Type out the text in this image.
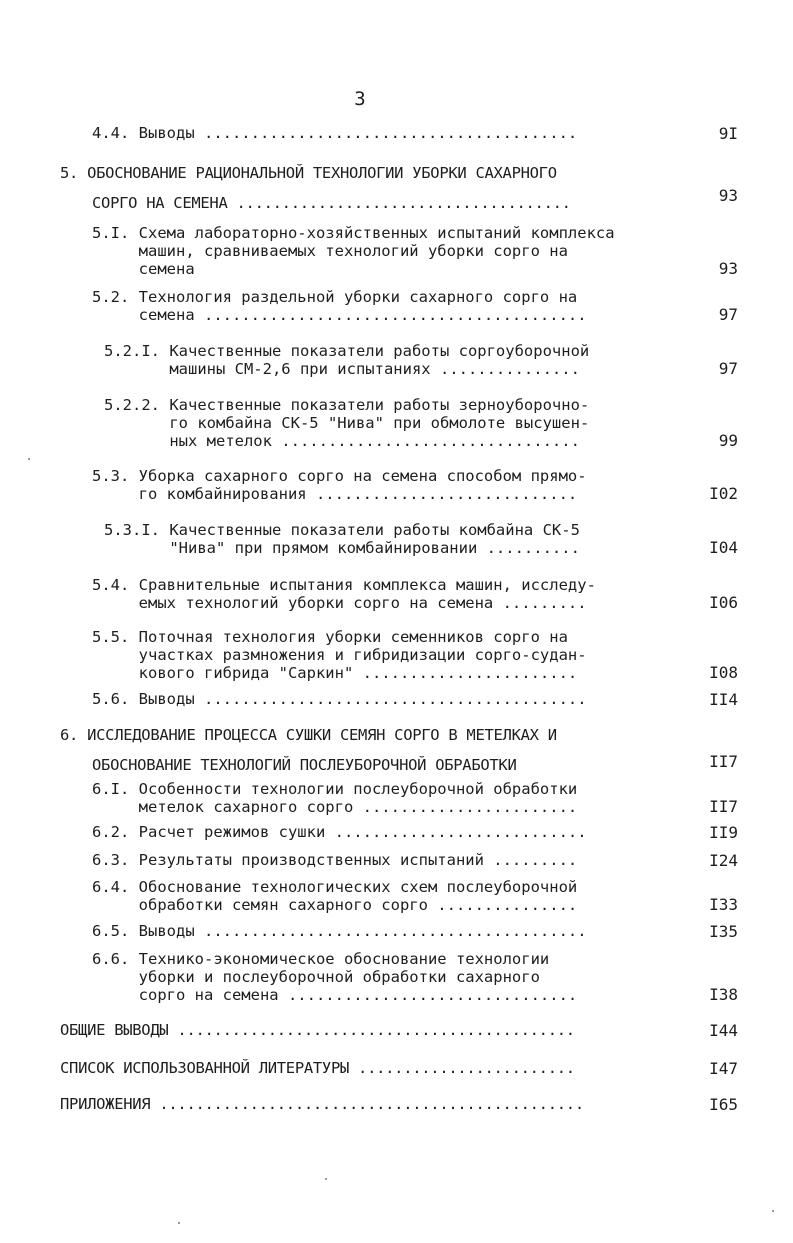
3
4.4. Выводы ........................................	9I
5. ОБОСНОВАНИЕ РАЦИОНАЛЬНОЙ ТЕХНОЛОГИИ УБОРКИ САХАРНОГО
СОРГО НА СЕМЕНА .....................................	93
5.I. Схема лабораторно-хозяйственных испытаний комплекса
машин, сравниваемых технологий уборки сорго на
семена	93
5.2. Технология раздельной уборки сахарного сорго на
семена .........................................	97
5.2.I. Качественные показатели работы соргоуборочной
машины СМ-2,6 при испытаниях ...............	97
5.2.2. Качественные показатели работы зерноуборочно-
го комбайна СК-5 "Нива" при обмолоте высушен-
ных метелок ................................	99
5.3. Уборка сахарного сорго на семена способом прямо-
го комбайнирования ............................	I02
5.3.I. Качественные показатели работы комбайна СК-5
"Нива" при прямом комбайнировании ..........	I04
5.4. Сравнительные испытания комплекса машин, исследу-
емых технологий уборки сорго на семена .........	I06
5.5. Поточная технология уборки семенников сорго на
участках размножения и гибридизации сорго-судан-
кового гибрида "Саркин" .......................	I08
5.6. Выводы .........................................	II4
6. ИССЛЕДОВАНИЕ ПРОЦЕССА СУШКИ СЕМЯН СОРГО В МЕТЕЛКАХ И
ОБОСНОВАНИЕ ТЕХНОЛОГИЙ ПОСЛЕУБОРОЧНОЙ ОБРАБОТКИ	II7
6.I. Особенности технологии послеуборочной обработки
метелок сахарного сорго .......................	II7
6.2. Расчет режимов сушки ...........................	II9
6.3. Результаты производственных испытаний .........	I24
6.4. Обоснование технологических схем послеуборочной
обработки семян сахарного сорго ...............	I33
6.5. Выводы .........................................	I35
6.6. Технико-экономическое обоснование технологии
уборки и послеуборочной обработки сахарного
сорго на семена ...............................	I38
ОБЩИЕ ВЫВОДЫ ............................................	I44
СПИСОК ИСПОЛЬЗОВАННОЙ ЛИТЕРАТУРЫ ........................	I47
ПРИЛОЖЕНИЯ ...............................................	I65
